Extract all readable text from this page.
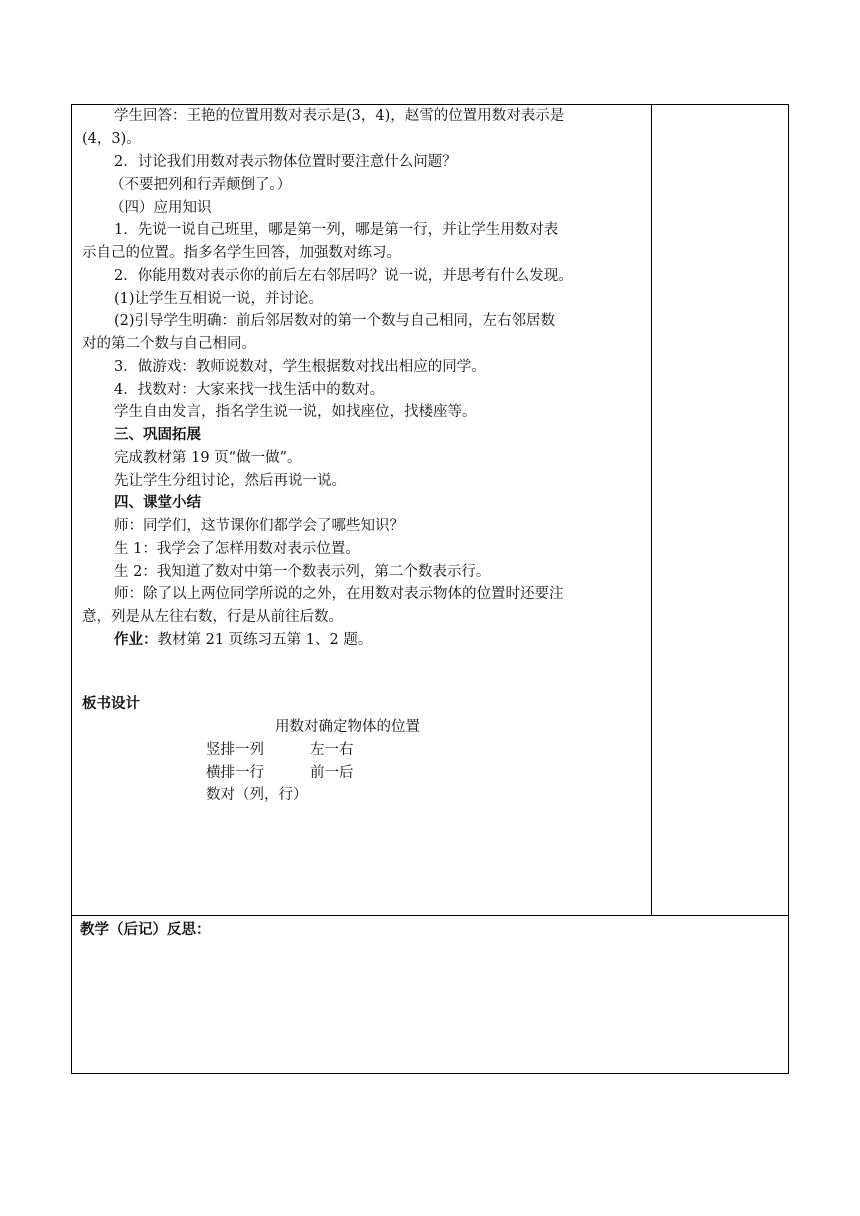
学生回答：王艳的位置用数对表示是(3，4)，赵雪的位置用数对表示是
(4，3)。
2．讨论我们用数对表示物体位置时要注意什么问题？
（不要把列和行弄颠倒了。）
（四）应用知识
1．先说一说自己班里，哪是第一列，哪是第一行，并让学生用数对表
示自己的位置。指多名学生回答，加强数对练习。
2．你能用数对表示你的前后左右邻居吗？说一说，并思考有什么发现。
(1)让学生互相说一说，并讨论。
(2)引导学生明确：前后邻居数对的第一个数与自己相同，左右邻居数
对的第二个数与自己相同。
3．做游戏：教师说数对，学生根据数对找出相应的同学。
4．找数对：大家来找一找生活中的数对。
学生自由发言，指名学生说一说，如找座位，找楼座等。
三、巩固拓展
完成教材第 19 页“做一做”。
先让学生分组讨论，然后再说一说。
四、课堂小结
师：同学们，这节课你们都学会了哪些知识？
生 1：我学会了怎样用数对表示位置。
生 2：我知道了数对中第一个数表示列，第二个数表示行。
师：除了以上两位同学所说的之外，在用数对表示物体的位置时还要注
意，列是从左往右数，行是从前往后数。
作业：教材第 21 页练习五第 1、2 题。
板书设计
用数对确定物体的位置
竖排一列	左一右
横排一行	前一后
数对（列，行）
教学（后记）反思：
